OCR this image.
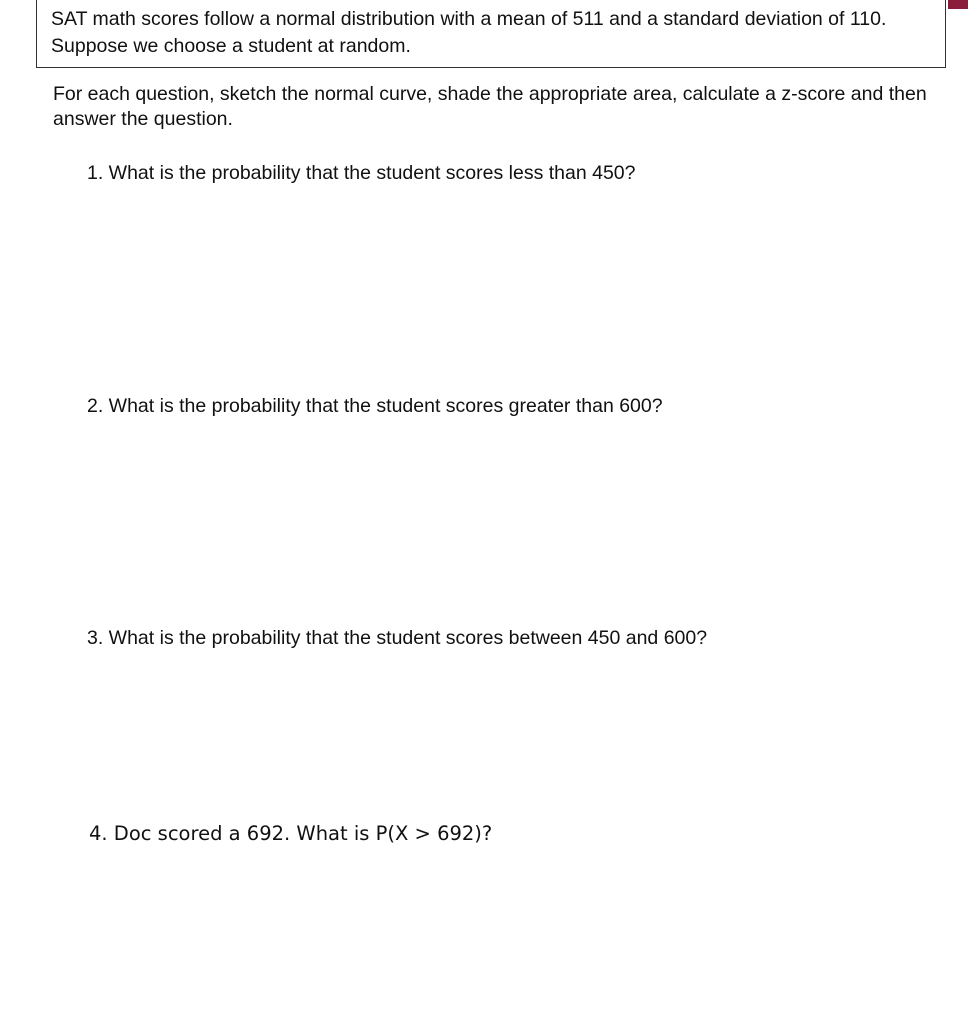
SAT math scores follow a normal distribution with a mean of 511 and a standard deviation of 110. Suppose we choose a student at random.

For each question, sketch the normal curve, shade the appropriate area, calculate a z-score and then answer the question.

1. What is the probability that the student scores less than 450?

2. What is the probability that the student scores greater than 600?

3. What is the probability that the student scores between 450 and 600?

4. Doc scored a 692. What is P(X > 692)?
